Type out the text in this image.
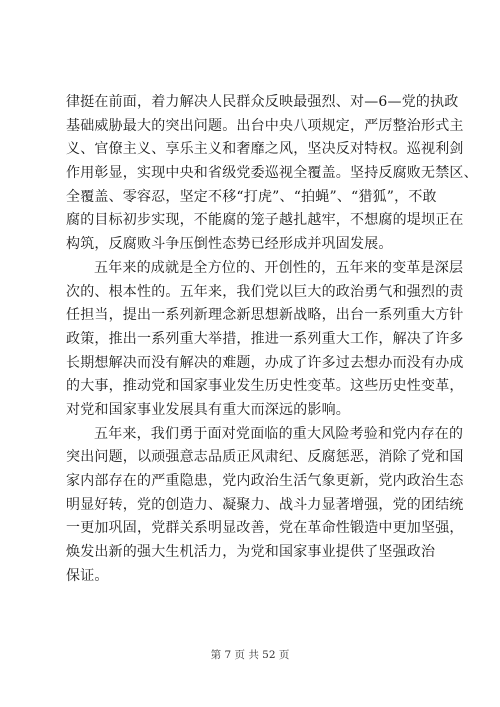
律挺在前面，着力解决人民群众反映最强烈、对—6—党的执政
基础威胁最大的突出问题。出台中央八项规定，严厉整治形式主
义、官僚主义、享乐主义和奢靡之风，坚决反对特权。巡视利剑
作用彰显，实现中央和省级党委巡视全覆盖。坚持反腐败无禁区、
全覆盖、零容忍，坚定不移“打虎”、“拍蝇”、“猎狐”，不敢
腐的目标初步实现，不能腐的笼子越扎越牢，不想腐的堤坝正在
构筑，反腐败斗争压倒性态势已经形成并巩固发展。
五年来的成就是全方位的、开创性的，五年来的变革是深层
次的、根本性的。五年来，我们党以巨大的政治勇气和强烈的责
任担当，提出一系列新理念新思想新战略，出台一系列重大方针
政策，推出一系列重大举措，推进一系列重大工作，解决了许多
长期想解决而没有解决的难题，办成了许多过去想办而没有办成
的大事，推动党和国家事业发生历史性变革。这些历史性变革，
对党和国家事业发展具有重大而深远的影响。
五年来，我们勇于面对党面临的重大风险考验和党内存在的
突出问题，以顽强意志品质正风肃纪、反腐惩恶，消除了党和国
家内部存在的严重隐患，党内政治生活气象更新，党内政治生态
明显好转，党的创造力、凝聚力、战斗力显著增强，党的团结统
一更加巩固，党群关系明显改善，党在革命性锻造中更加坚强，
焕发出新的强大生机活力，为党和国家事业提供了坚强政治
保证。
第 7 页 共 52 页
